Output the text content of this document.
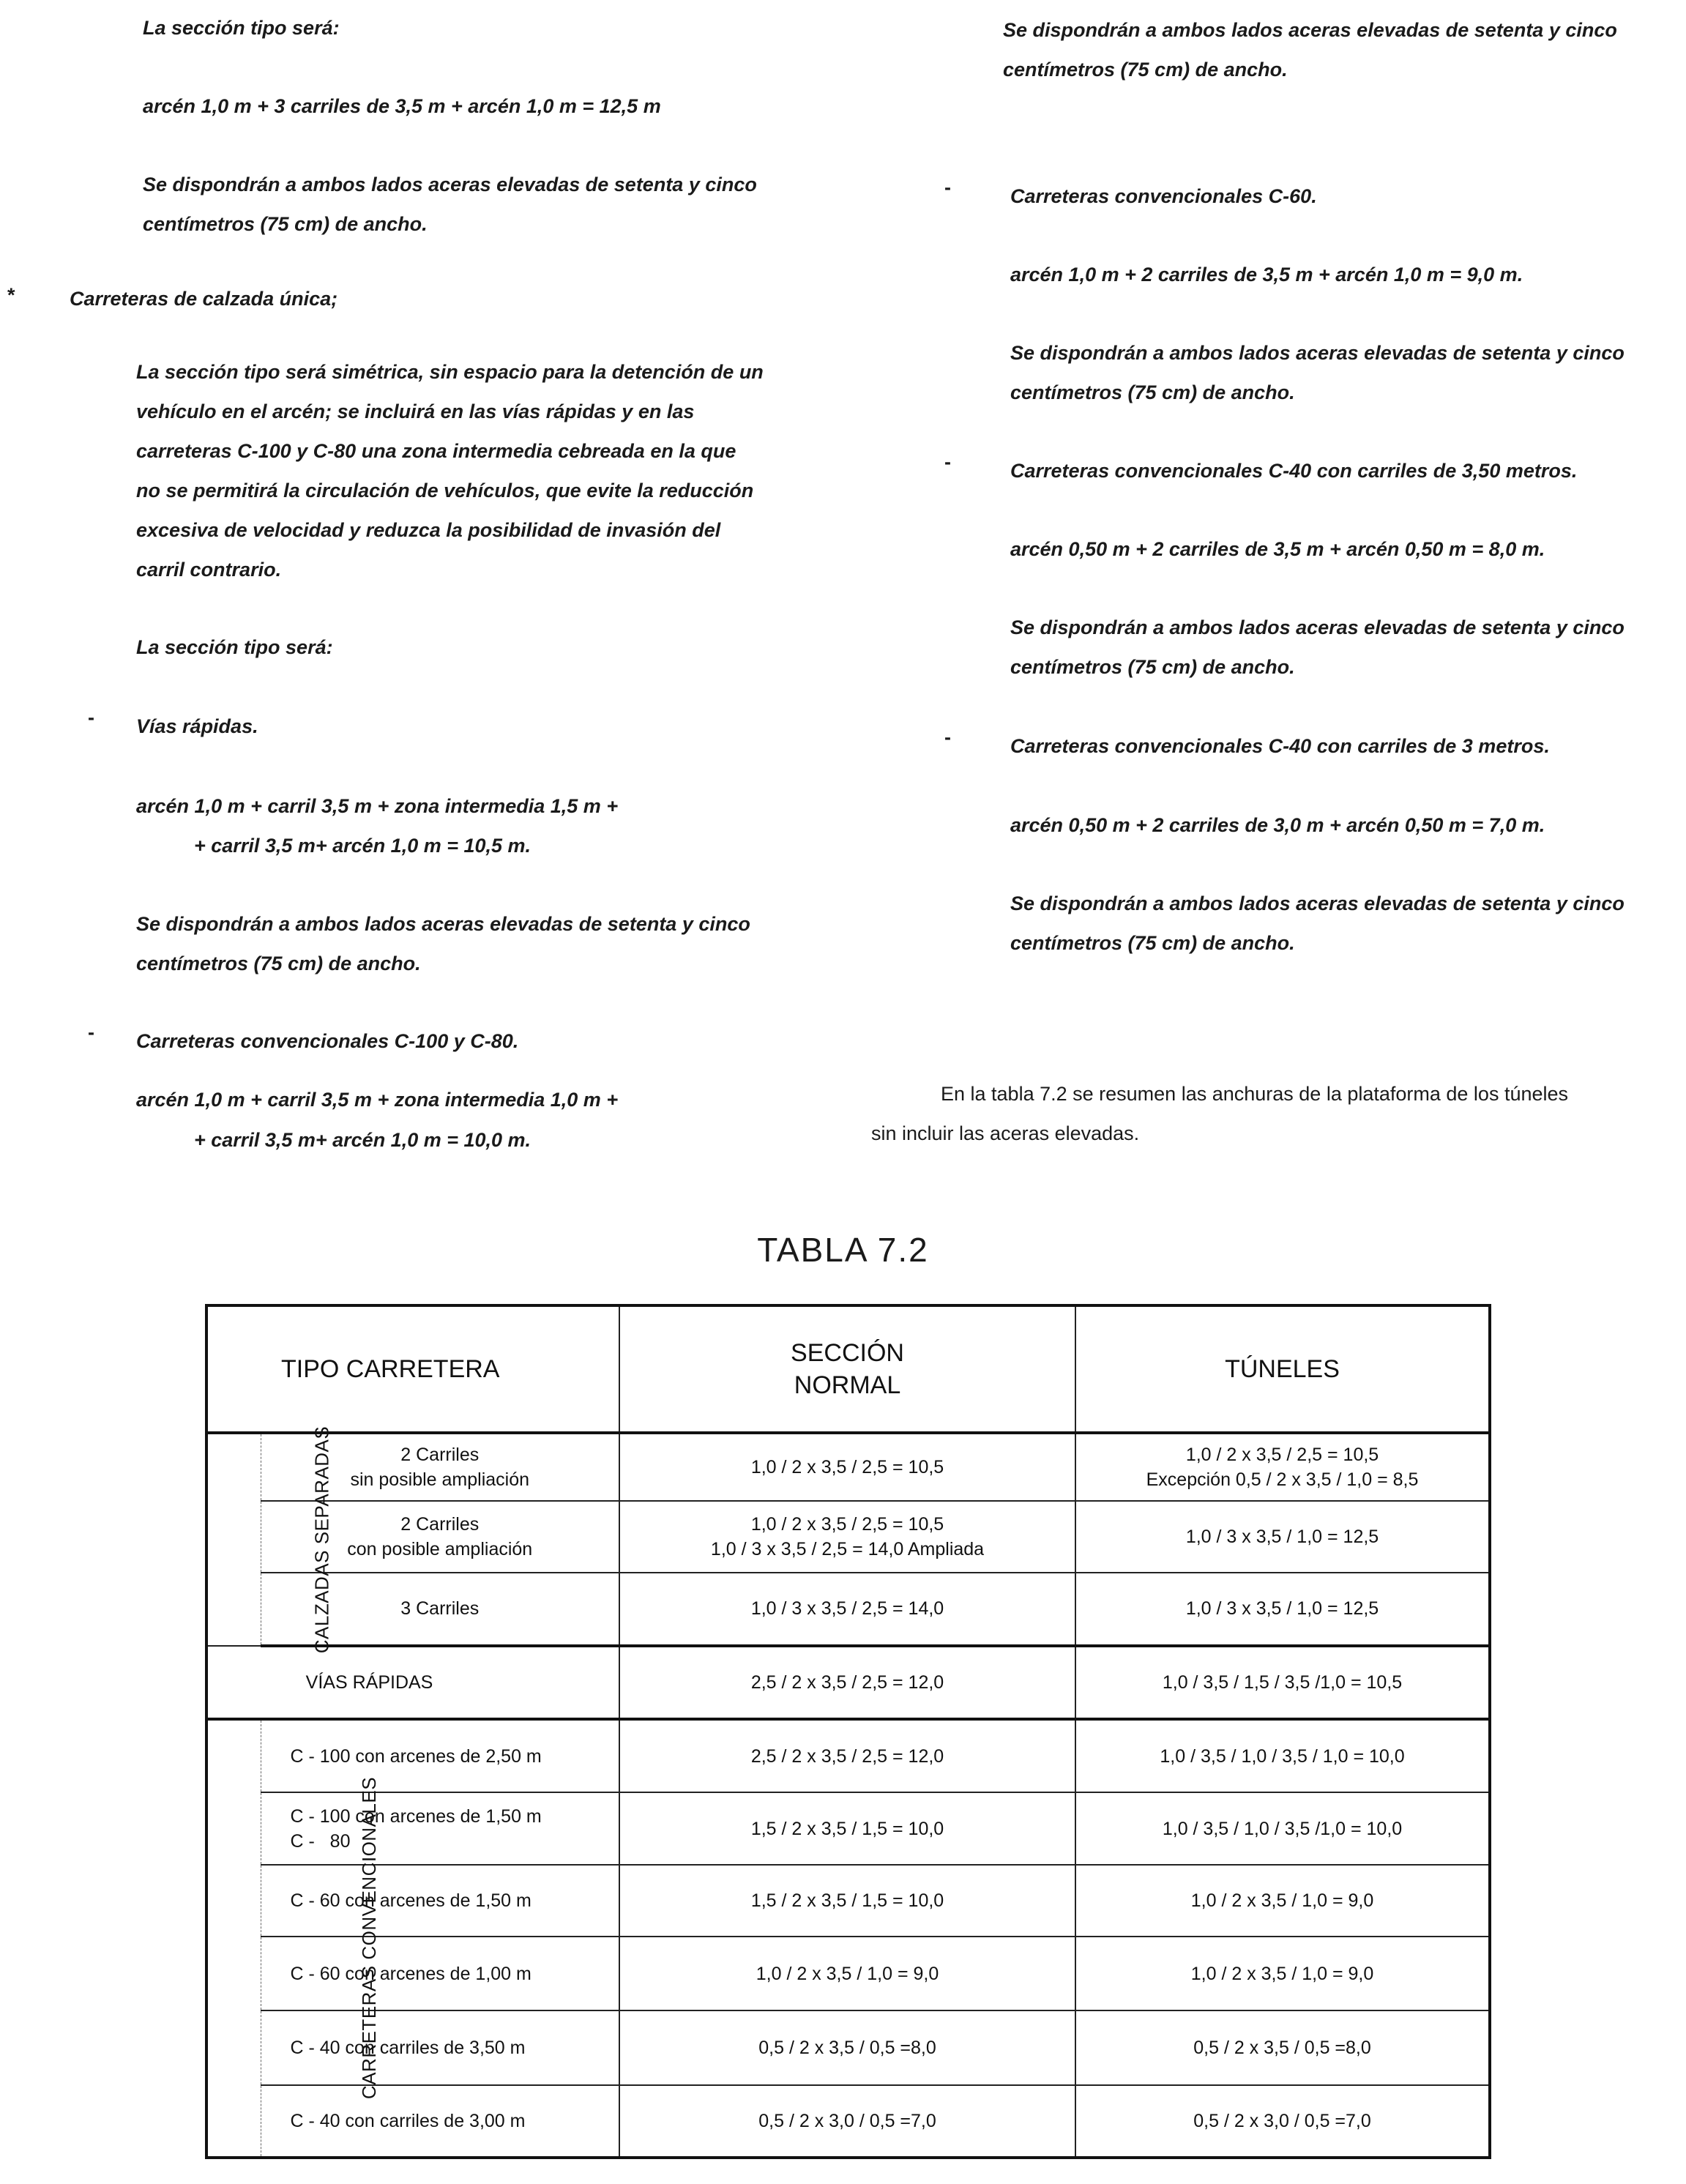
La sección tipo será:

arcén 1,0 m + 3 carriles de 3,5 m + arcén 1,0 m = 12,5 m

Se dispondrán a ambos lados aceras elevadas de setenta y cinco

centímetros (75 cm) de ancho.

*	Carreteras de calzada única;

La sección tipo será simétrica, sin espacio para la detención de un

vehículo en el arcén; se incluirá en las vías rápidas y en las

carreteras C-100 y C-80 una zona intermedia cebreada en la que

no se permitirá la circulación de vehículos, que evite la reducción

excesiva de velocidad y reduzca la posibilidad de invasión del

carril contrario.

La sección tipo será:

- Vías rápidas.

arcén 1,0 m + carril 3,5 m + zona intermedia 1,5 m +

+ carril 3,5 m+ arcén 1,0 m = 10,5 m.

Se dispondrán a ambos lados aceras elevadas de setenta y cinco

centímetros (75 cm) de ancho.

- Carreteras convencionales C-100 y C-80.

arcén 1,0 m + carril 3,5 m + zona intermedia 1,0 m +

+ carril 3,5 m+ arcén 1,0 m = 10,0 m.

Se dispondrán a ambos lados aceras elevadas de setenta y cinco

centímetros (75 cm) de ancho.

-	Carreteras convencionales C-60.

arcén 1,0 m + 2 carriles de 3,5 m + arcén 1,0 m = 9,0 m.

Se dispondrán a ambos lados aceras elevadas de setenta y cinco

centímetros (75 cm) de ancho.

-	Carreteras convencionales C-40 con carriles de 3,50 metros.

arcén 0,50 m + 2 carriles de 3,5 m + arcén 0,50 m = 8,0 m.

Se dispondrán a ambos lados aceras elevadas de setenta y cinco

centímetros (75 cm) de ancho.

-	Carreteras convencionales C-40 con carriles de 3 metros.

arcén 0,50 m + 2 carriles de 3,0 m + arcén 0,50 m = 7,0 m.

Se dispondrán a ambos lados aceras elevadas de setenta y cinco

centímetros (75 cm) de ancho.

En la tabla 7.2 se resumen las anchuras de la plataforma de los túneles

sin incluir las aceras elevadas.

TABLA 7.2
TIPO CARRETERA		SECCIÓN
NORMAL	TÚNELES
CALZADAS SEPARADAS	2 Carriles
sin posible ampliación	1,0 / 2 x 3,5 / 2,5 = 10,5	1,0 / 2 x 3,5 / 2,5 = 10,5
Excepción 0,5 / 2 x 3,5 / 1,0 = 8,5

	2 Carriles
con posible ampliación	1,0 / 2 x 3,5 / 2,5 = 10,5
1,0 / 3 x 3,5 / 2,5 = 14,0 Ampliada	1,0 / 3 x 3,5 / 1,0 = 12,5
	3 Carriles	1,0 / 3 x 3,5 / 2,5 = 14,0	1,0 / 3 x 3,5 / 1,0 = 12,5
VÍAS RÁPIDAS		2,5 / 2 x 3,5 / 2,5 = 12,0	1,0 / 3,5 / 1,5 / 3,5 /1,0 = 10,5
CARRETERAS CONVENCIONALES	C - 100 con arcenes de 2,50 m	2,5 / 2 x 3,5 / 2,5 = 12,0	1,0 / 3,5 / 1,0 / 3,5 / 1,0 = 10,0

	C - 100 con arcenes de 1,50 m
C -   80	1,5 / 2 x 3,5 / 1,5 = 10,0	1,0 / 3,5 / 1,0 / 3,5 /1,0 = 10,0
	C - 60 con arcenes de 1,50 m	1,5 / 2 x 3,5 / 1,5 = 10,0	1,0 / 2 x 3,5 / 1,0 = 9,0
	C - 60 con arcenes de 1,00 m	1,0 / 2 x 3,5 / 1,0 = 9,0	1,0 / 2 x 3,5 / 1,0 = 9,0
	C - 40 con carriles de 3,50 m	0,5 / 2 x 3,5 / 0,5 =8,0	0,5 / 2 x 3,5 / 0,5 =8,0
	C - 40 con carriles de 3,00 m	0,5 / 2 x 3,0 / 0,5 =7,0	0,5 / 2 x 3,0 / 0,5 =7,0
